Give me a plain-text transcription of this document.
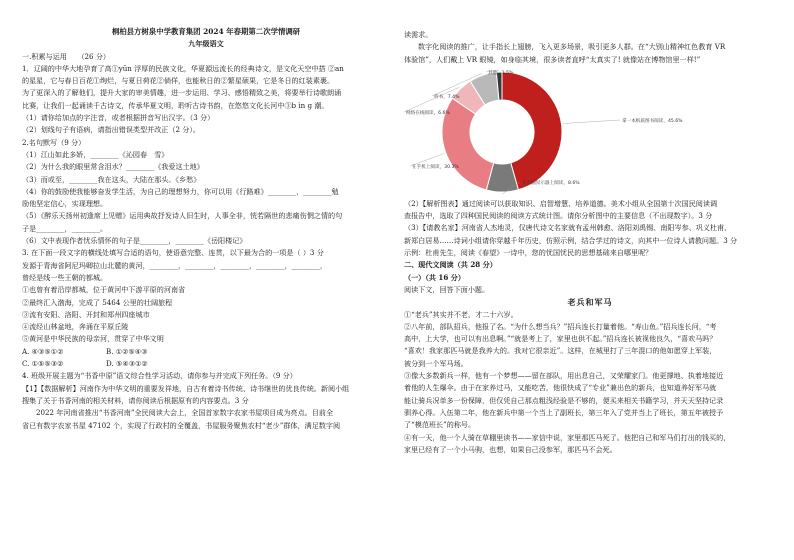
桐柏县方树泉中学教育集团 2024 年春期第二次学情调研
九年级语文
一.积累与运用　　（26 分）
1．辽阔的中华大地孕育了高①yūn 浮厚的民族文化，华夏源远流长的经典诗文，是文化天空中搭 ②an
的星星，它与春日百花①绚烂，与夏日荷花②倘佯，也能秋日的②繁星硕果，它是冬日的红装素裹。
为了更深入的了解他们，提升大家的审美情趣，进一步运用、学习、感悟精致之美，将要举行诗歌朗诵
比赛，让我们一起诵读千古诗文，传承华夏文明，聆听古诗书韵，在悠悠文化长河中③b ìn ɡ 潮。
（1）请你给加点的字注音，或者根据拼音写出汉字。（3 分）
（2）划线句子有语病，请指出错误类型并改正（2 分）。
2.名句默写（9 分）
（1）江山如此多娇，________《沁园春　雪》
（2）为什么我的眼里常含泪水？________《我爱这土地》
（3）而或至，________我在这头，大陆在那头。《乡愁》
（4）你的鼓励使我能够奋发学生活，为自己的理想努力，你可以用《行路难》________，________勉
励他坚定信心，实现理想。
（5）《醉乐天扬州初逢席上见赠》运用典故抒发诗人旧生时，人事全非，恍若隔世的悲痛伤惘之情的句
子是________，________。
（6）文中表现作者忧乐情怀的句子是________，________《岳阳楼记》
3. 在下面一段文字的横线处填写合适的语句，使语意完整、连贯，以下最为合的一项是（ ）3 分
发源于青海省阿尼玛卿拉山北麓的黄河，________，________，________，________，________，
曾经是线一些王朝的都城。
①也曾有着沿岸都城，位于黄河中下游平原的河南省
②最终汇入渤海，完成了 5464 公里的壮阔旅程
③流有安阳、洛阳、开封和郑州四座城市
④流经山林盆地，奔涌在平原丘陵
⑤黄河是中华民族的母亲河，贯穿了中华文明
A. ④③⑤①②　　　　　　B. ①②⑤④③
C. ①⑤⑤③②　　　　　　D. ⑤④③①②
4. 班级开展主题为“书香中原”语文综合性学习活动，请你参与并完成下列任务。（9 分）
【1】【数据解析】河南作为中华文明的重要发祥地，自古有着诗书传统、诗书继世的优良传统。新阅小组
搜集了关于书香河南的相关材料，请你阅读后根据原有的内容要点。3 分
2022 年河南省推出“书香河南”全民阅读大会上，全国首家数字农家书屋项目成为亮点。目前全
省已有数字农家书屋 47102 个，实现了行政村的全覆盖，书屋服务聚焦农村“老少”群体，满足数字阅
读需求。
数字化阅读的推广，让手指长上翅膀，飞入更多场景，吸引更多人群。在“大别山精神红色教育 VR
体验馆”，人们戴上 VR 眼镜，如身临其境，很多读者直呼“太真实了! 就像站在博物馆里一样!”
拿一本纸质图书阅读，45.6%
在电脑显示器上阅读，8.6%
在手机上阅读，30.3%
网络在线阅读，6.6%
听书，7.4%
其他，1.5%
（2）【解析图表】通过阅读可以获取知识、启智增慧、培养道德。美术小组从全国第十次国民阅读调
查报告中，选取了四种国民阅读的阅读方式统计图。请你分析图中的主要信息（不出现数字）。3 分
（3）【请教名家】河南省人杰地灵，仅唐代诗文名家就有孟州韩愈、洛阳刘禹锡、南阳岑参、巩义杜甫、
新郑白居易……诗词小组请你穿越千年历史，仿照示例，结合学过的诗文，向其中一位诗人请教问题。3 分
示例：杜甫先生，阅读《春望》一诗中，您的忧国忧民的思想基础来自哪里呢？
二、现代文阅读（共 28 分）
（一）（共 16 分）
阅读下文，回答下面小题。
老兵和军马
①“老兵”其实并不老，才二十六岁。
②八年前，部队招兵，他报了名。“为什么想当兵？”招兵连长打量着他。“寿山鱼。”招兵连长问，“考
高中，上大学，也可以有出息啊。”“就是考上了，家里也供不起。”招兵连长被视他良久，“喜欢马吗？
“喜欢！我家那匹马就是我养大的。我对它很亲近”。这样，在城里打了三年混口的他如愿穿上军装，
被分到一个军马场。
③像大多数新兵一样，他有一个梦想——留在部队，用出息自己，又荣耀家门。他更撑地、执着地接近
着他的人生爆伞。由于在家养过马，又能吃苦，他很快成了“专业”兼出色的新兵，也知道养好军马就
能让骑兵况单多一份保障，但仅凭自己那点粗浅经验是不够的，便买来相关书籍学习，并天天坚持记录
驯养心得。入伍第二年，他在新兵中第一个当上了副班长，第三年入了党并当上了班长，第五年被授予
了“模范班长”的称号。
④有一天，他一个人骑在草棚里读书——家信中说，家里那匹马死了。他把自己和军马们打出的钱买的，
家里已经有了一个小马驹，也想，如果自己没参军，那匹马不会死。
